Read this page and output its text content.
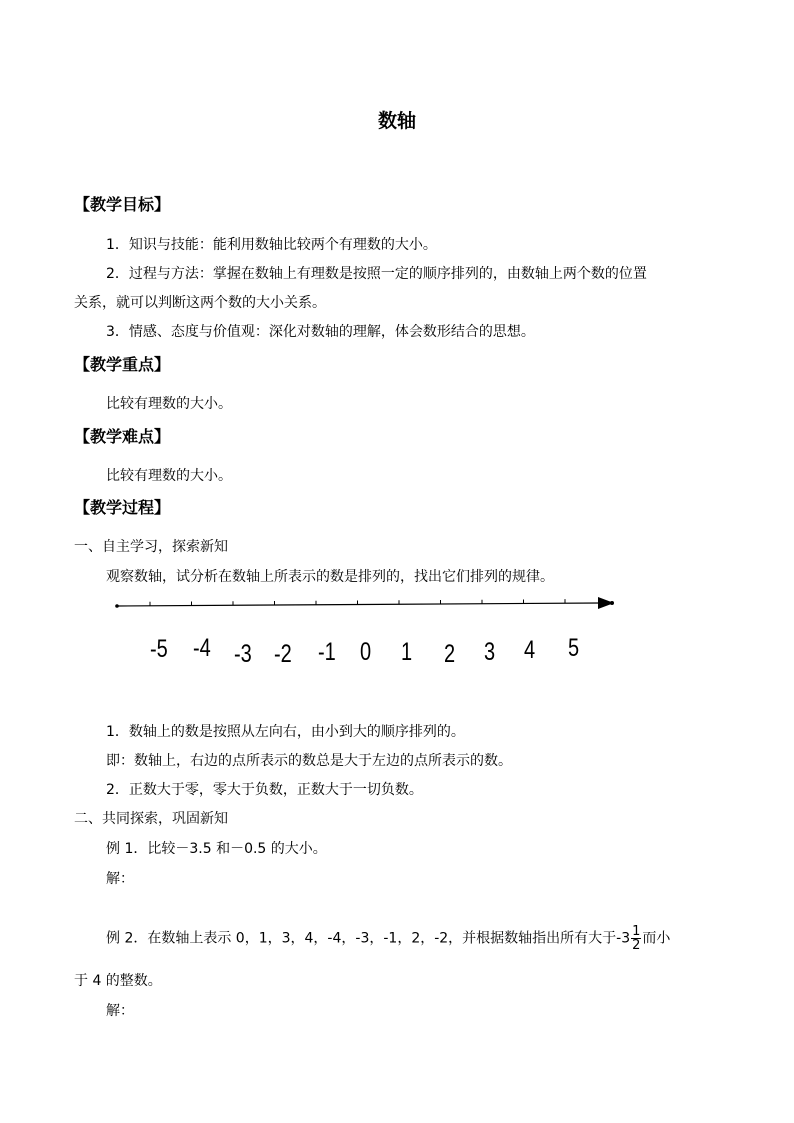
数轴
【教学目标】
1．知识与技能：能利用数轴比较两个有理数的大小。
2．过程与方法：掌握在数轴上有理数是按照一定的顺序排列的，由数轴上两个数的位置
关系，就可以判断这两个数的大小关系。
3．情感、态度与价值观：深化对数轴的理解，体会数形结合的思想。
【教学重点】
比较有理数的大小。
【教学难点】
比较有理数的大小。
【教学过程】
一、自主学习，探索新知
观察数轴，试分析在数轴上所表示的数是排列的，找出它们排列的规律。
-5 -4 -3 -2 -1 0 1 2 3 4 5
1．数轴上的数是按照从左向右，由小到大的顺序排列的。
即：数轴上，右边的点所表示的数总是大于左边的点所表示的数。
2．正数大于零，零大于负数，正数大于一切负数。
二、共同探索，巩固新知
例 1．比较－3.5 和－0.5 的大小。
解：
例 2．在数轴上表示 0，1，3，4，-4，-3，-1，2，-2，并根据数轴指出所有大于$-3 \frac{1}{2}$ 而小
于 4 的整数。
解：
